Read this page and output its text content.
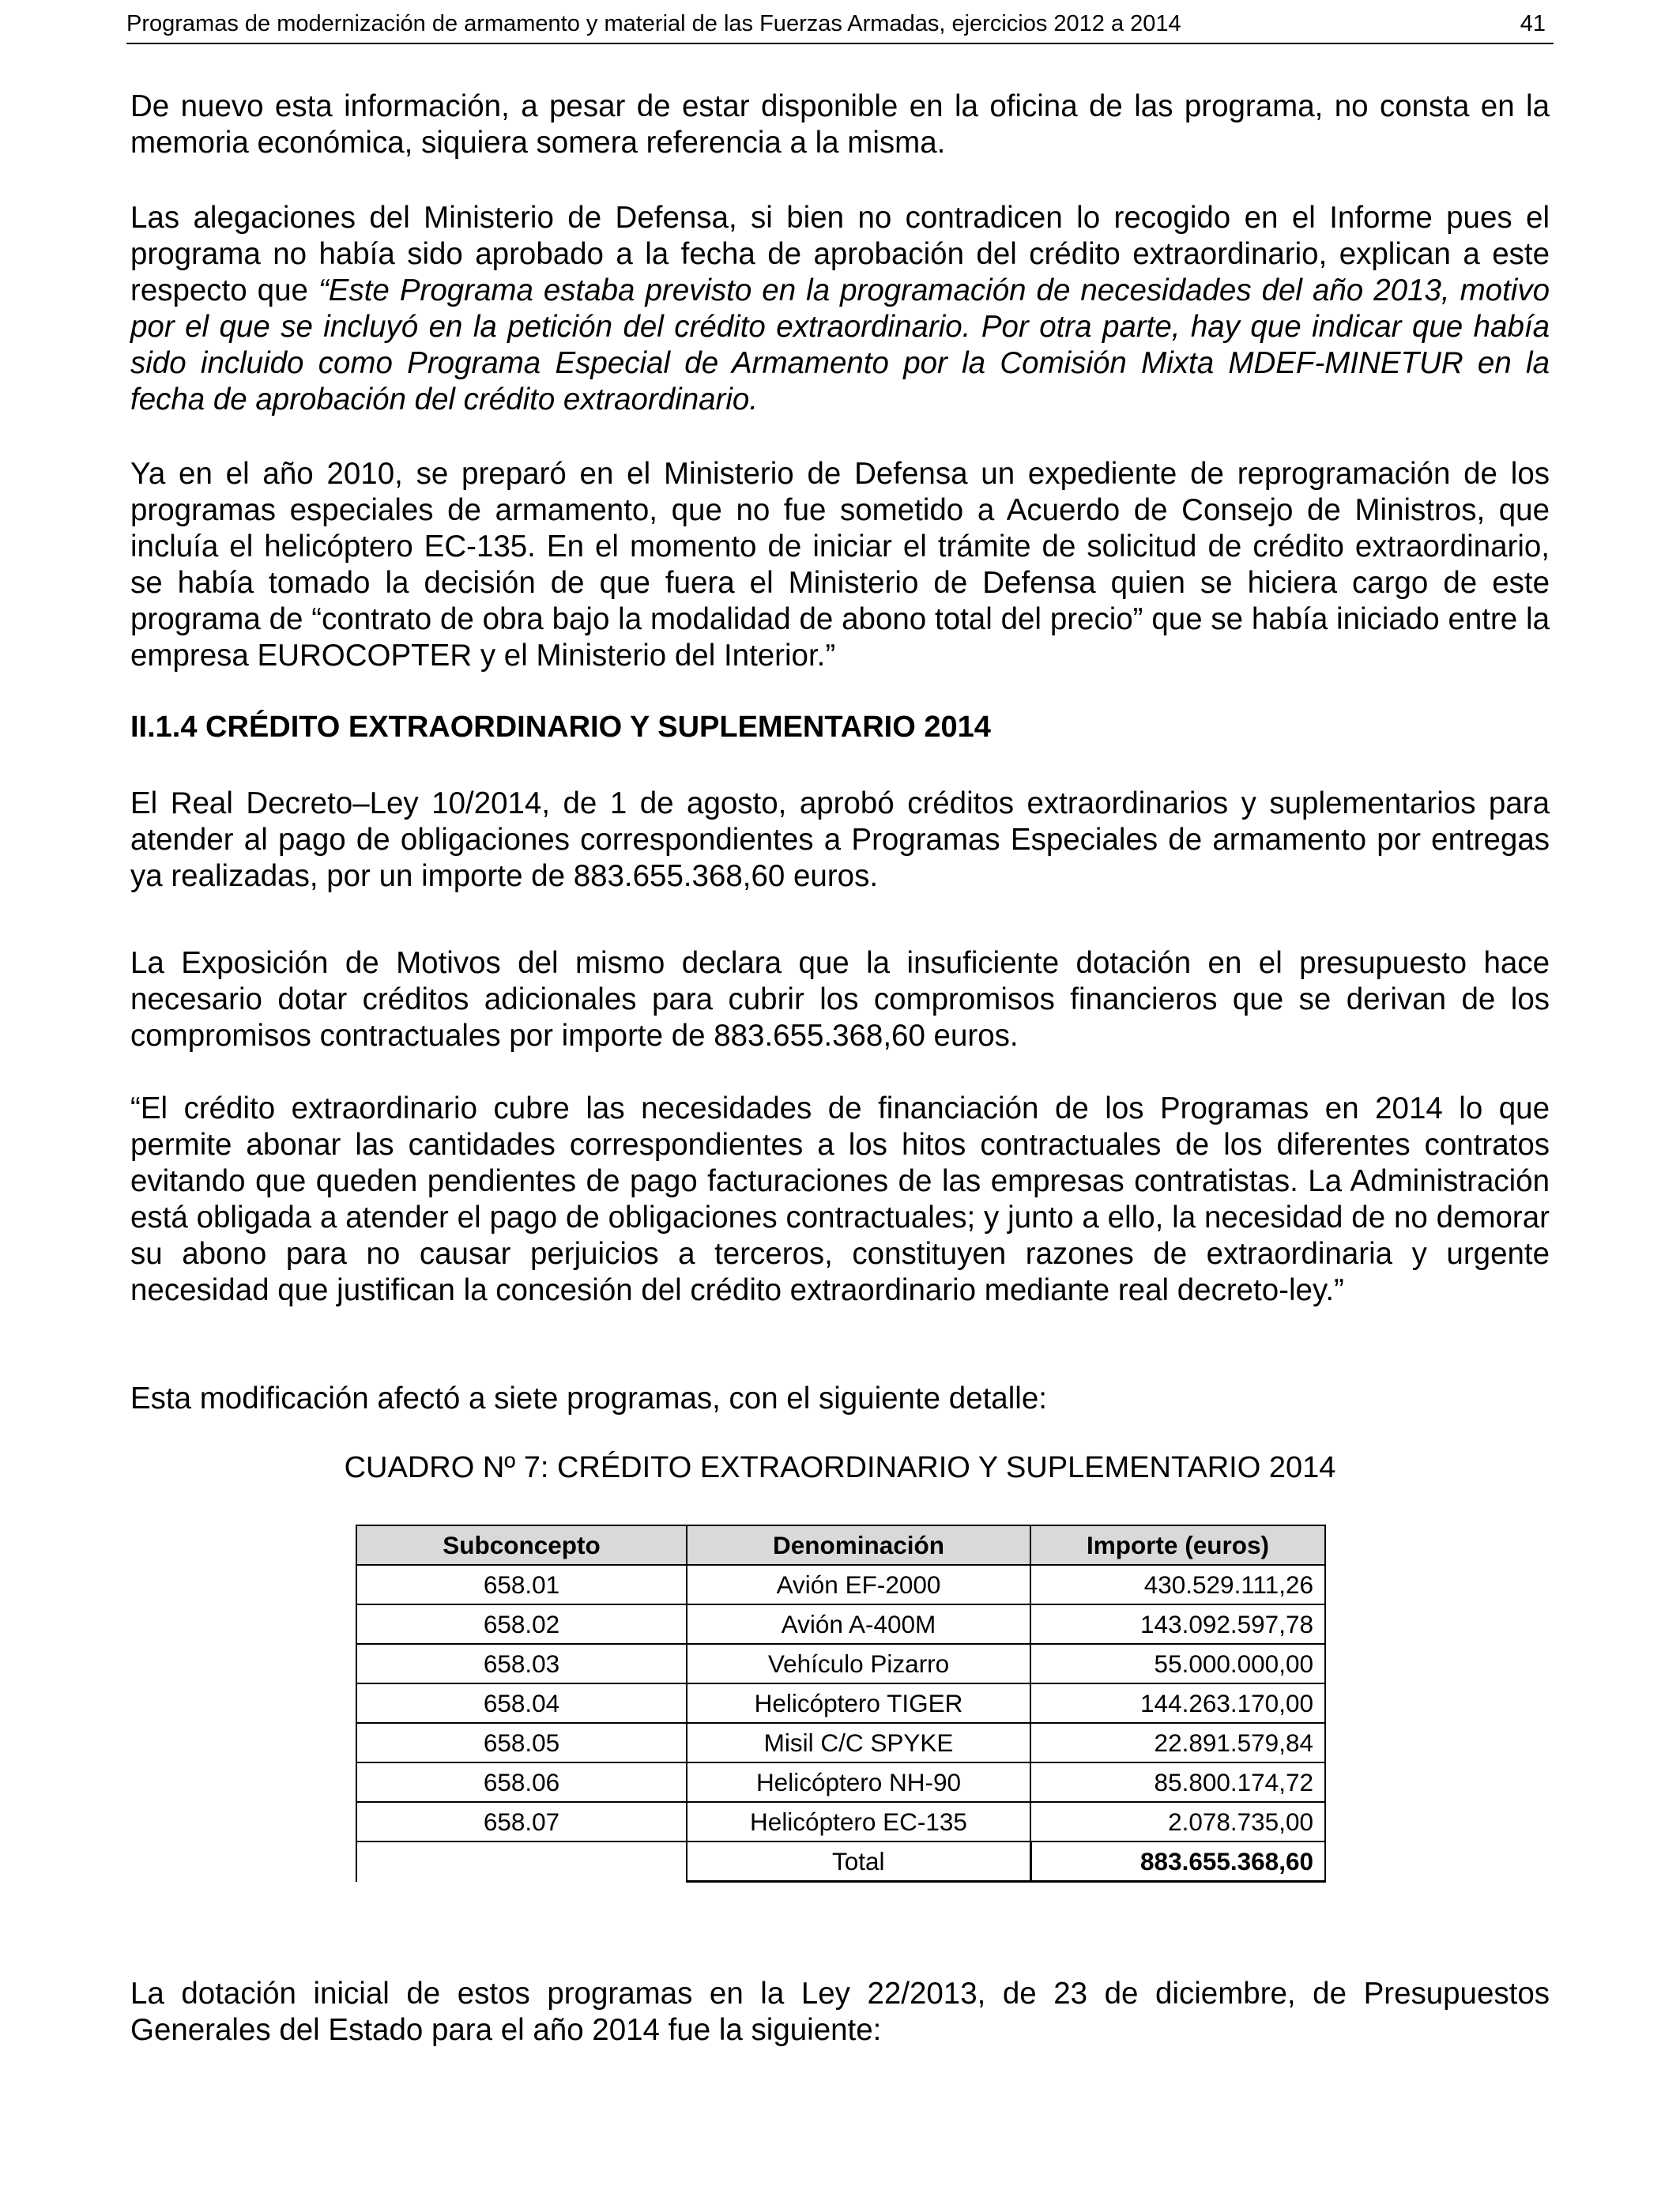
Programas de modernización de armamento y material de las Fuerzas Armadas, ejercicios 2012 a 2014	41

De nuevo esta información, a pesar de estar disponible en la oficina de las programa, no consta en la memoria económica, siquiera somera referencia a la misma.

Las alegaciones del Ministerio de Defensa, si bien no contradicen lo recogido en el Informe pues el programa no había sido aprobado a la fecha de aprobación del crédito extraordinario, explican a este respecto que “Este Programa estaba previsto en la programación de necesidades del año 2013, motivo por el que se incluyó en la petición del crédito extraordinario. Por otra parte, hay que indicar que había sido incluido como Programa Especial de Armamento por la Comisión Mixta MDEF-MINETUR en la fecha de aprobación del crédito extraordinario.

Ya en el año 2010, se preparó en el Ministerio de Defensa un expediente de reprogramación de los programas especiales de armamento, que no fue sometido a Acuerdo de Consejo de Ministros, que incluía el helicóptero EC-135. En el momento de iniciar el trámite de solicitud de crédito extraordinario, se había tomado la decisión de que fuera el Ministerio de Defensa quien se hiciera cargo de este programa de “contrato de obra bajo la modalidad de abono total del precio” que se había iniciado entre la empresa EUROCOPTER y el Ministerio del Interior.”

II.1.4 CRÉDITO EXTRAORDINARIO Y SUPLEMENTARIO 2014

El Real Decreto–Ley 10/2014, de 1 de agosto, aprobó créditos extraordinarios y suplementarios para atender al pago de obligaciones correspondientes a Programas Especiales de armamento por entregas ya realizadas, por un importe de 883.655.368,60 euros.

La Exposición de Motivos del mismo declara que la insuficiente dotación en el presupuesto hace necesario dotar créditos adicionales para cubrir los compromisos financieros que se derivan de los compromisos contractuales por importe de 883.655.368,60 euros.

“El crédito extraordinario cubre las necesidades de financiación de los Programas en 2014 lo que permite abonar las cantidades correspondientes a los hitos contractuales de los diferentes contratos evitando que queden pendientes de pago facturaciones de las empresas contratistas. La Administración está obligada a atender el pago de obligaciones contractuales; y junto a ello, la necesidad de no demorar su abono para no causar perjuicios a terceros, constituyen razones de extraordinaria y urgente necesidad que justifican la concesión del crédito extraordinario mediante real decreto-ley.”

Esta modificación afectó a siete programas, con el siguiente detalle:

CUADRO Nº 7: CRÉDITO EXTRAORDINARIO Y SUPLEMENTARIO 2014

Subconcepto	Denominación	Importe (euros)
658.01	Avión EF-2000	430.529.111,26
658.02	Avión A-400M	143.092.597,78
658.03	Vehículo Pizarro	55.000.000,00
658.04	Helicóptero TIGER	144.263.170,00
658.05	Misil C/C SPYKE	22.891.579,84
658.06	Helicóptero NH-90	85.800.174,72
658.07	Helicóptero EC-135	2.078.735,00
	Total	883.655.368,60

La dotación inicial de estos programas en la Ley 22/2013, de 23 de diciembre, de Presupuestos Generales del Estado para el año 2014 fue la siguiente:
